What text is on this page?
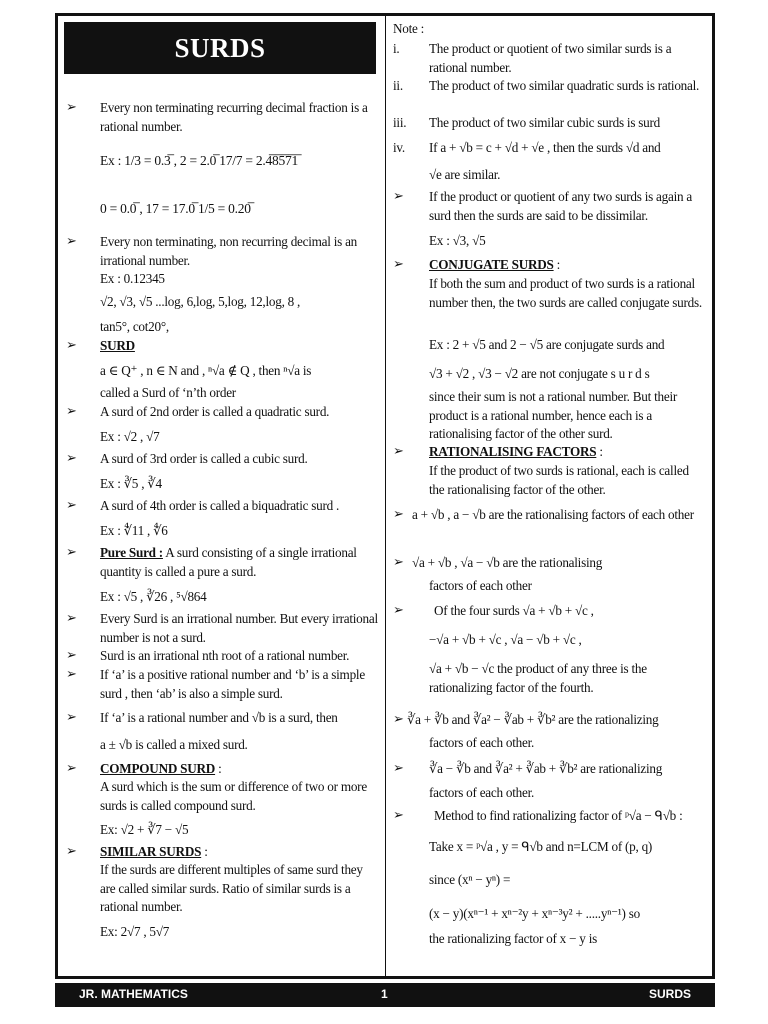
SURDS
➢ Every non terminating recurring decimal fraction is a rational number.
Ex : 1/3 = 0.3̅ , 2 = 2.0̅ 17/7 = 2.4̅8̅5̅7̅1̅
0 = 0.0̅ , 17 = 17.0̅ 1/5 = 0.20̅
➢ Every non terminating, non recurring decimal is an irrational number.
Ex : 0.12345
√2, √3, √5 ...log, 6,log, 5,log, 12,log, 8 ,
tan5°, cot20°,
➢ SURD
a ∈ Q⁺ , n ∈ N and , ⁿ√a ∉ Q , then ⁿ√a is
called a Surd of ‘n’th order
➢ A surd of 2nd order is called a quadratic surd.
Ex : √2 , √7
➢ A surd of 3rd order is called a cubic surd.
Ex : ∛5 , ∛4
➢ A surd of 4th order is called a biquadratic surd .
Ex : ∜11 , ∜6
➢ Pure Surd : A surd consisting of a single irrational quantity is called a pure a surd.
Ex : √5 , ∛26 , ⁵√864
➢ Every Surd is an irrational number. But every irrational number is not a surd.
➢ Surd is an irrational nth root of a rational number.
➢ If ‘a’ is a positive rational number and ‘b’ is a simple surd , then ‘ab’ is also a simple surd.
➢ If ‘a’ is a rational number and √b is a surd, then
a ± √b is called a mixed surd.
➢ COMPOUND SURD :
A surd which is the sum or difference of two or more surds is called compound surd.
Ex: √2 + ∛7 − √5
➢ SIMILAR SURDS :
If the surds are different multiples of same surd they are called similar surds. Ratio of similar surds is a rational number.
Ex: 2√7 , 5√7
Note :
i. The product or quotient of two similar surds is a rational number.
ii. The product of two similar quadratic surds is rational.
iii. The product of two similar cubic surds is surd
iv. If a + √b = c + √d + √e , then the surds √d and
√e are similar.
➢ If the product or quotient of any two surds is again a surd then the surds are said to be dissimilar.
Ex : √3, √5
➢ CONJUGATE SURDS :
If both the sum and product of two surds is a rational number then, the two surds are called conjugate surds.
Ex : 2 + √5 and 2 − √5 are conjugate surds and
√3 + √2 , √3 − √2 are not conjugate s u r d s
since their sum is not a rational number. But their product is a rational number, hence each is a rationalising factor of the other surd.
➢ RATIONALISING FACTORS :
If the product of two surds is rational, each is called the rationalising factor of the other.
➢ a + √b , a − √b are the rationalising factors of each other
➢ √a + √b , √a − √b are the rationalising
factors of each other
➢ Of the four surds √a + √b + √c ,
−√a + √b + √c , √a − √b + √c ,
√a + √b − √c the product of any three is the rationalizing factor of the fourth.
➢ ∛a + ∛b and ∛a² − ∛ab + ∛b² are the rationalizing
factors of each other.
➢ ∛a − ∛b and ∛a² + ∛ab + ∛b² are rationalizing
factors of each other.
➢ Method to find rationalizing factor of ᵖ√a − ᑫ√b :
Take x = ᵖ√a , y = ᑫ√b and n=LCM of (p, q)
since (xⁿ − yⁿ) =
(x − y)(xⁿ⁻¹ + xⁿ⁻²y + xⁿ⁻³y² + .....yⁿ⁻¹) so
the rationalizing factor of x − y is
JR. MATHEMATICS	1	SURDS
